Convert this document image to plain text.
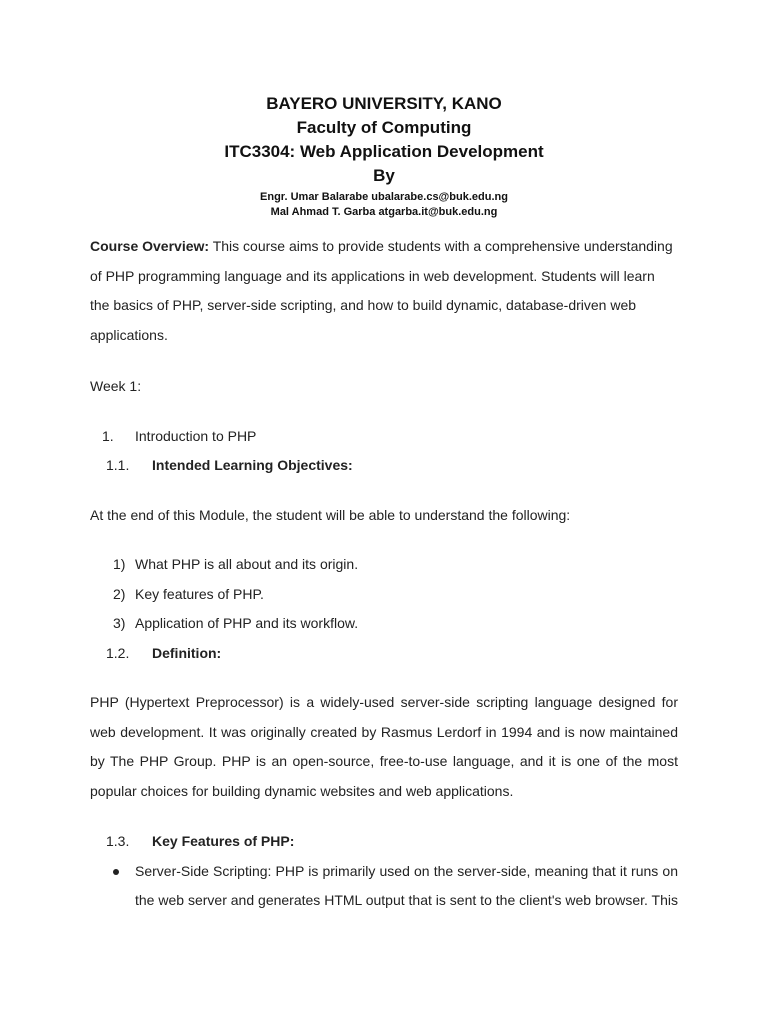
BAYERO UNIVERSITY, KANO
Faculty of Computing
ITC3304: Web Application Development
By
Engr. Umar Balarabe ubalarabe.cs@buk.edu.ng
Mal Ahmad T. Garba atgarba.it@buk.edu.ng
Course Overview: This course aims to provide students with a comprehensive understanding of PHP programming language and its applications in web development. Students will learn the basics of PHP, server-side scripting, and how to build dynamic, database-driven web applications.
Week 1:
1. Introduction to PHP
1.1. Intended Learning Objectives:
At the end of this Module, the student will be able to understand the following:
1) What PHP is all about and its origin.
2) Key features of PHP.
3) Application of PHP and its workflow.
1.2. Definition:
PHP (Hypertext Preprocessor) is a widely-used server-side scripting language designed for web development. It was originally created by Rasmus Lerdorf in 1994 and is now maintained by The PHP Group. PHP is an open-source, free-to-use language, and it is one of the most popular choices for building dynamic websites and web applications.
1.3. Key Features of PHP:
Server-Side Scripting: PHP is primarily used on the server-side, meaning that it runs on
the web server and generates HTML output that is sent to the client's web browser. This
